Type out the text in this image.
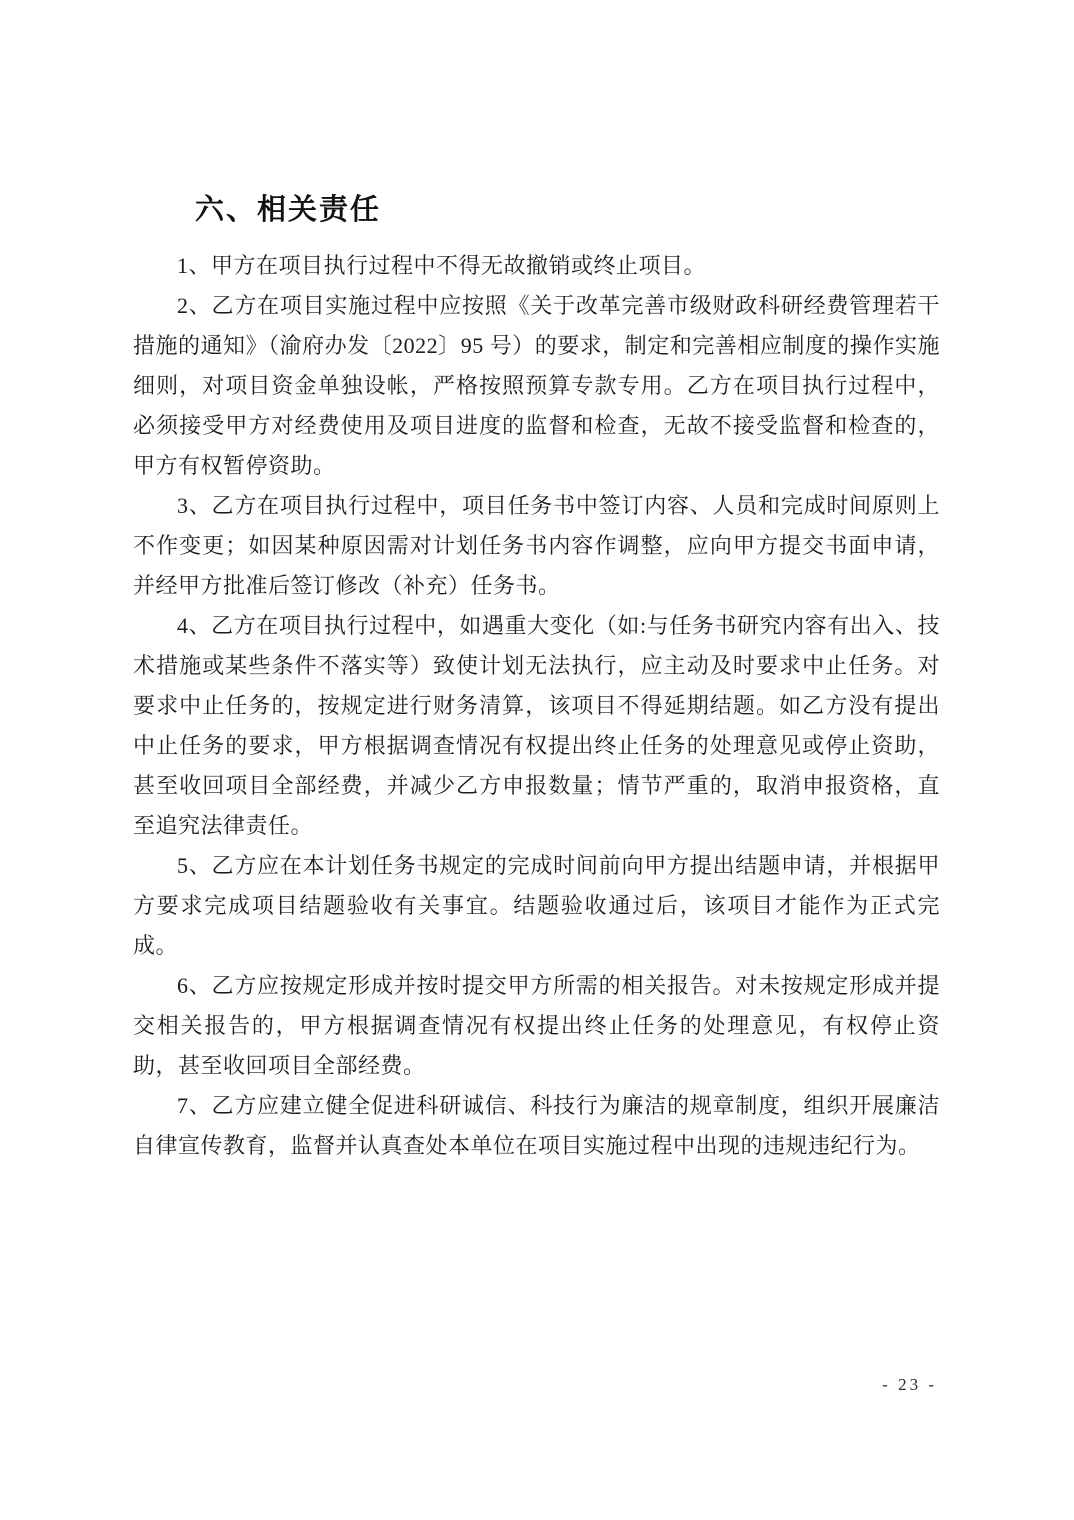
六、相关责任

1、甲方在项目执行过程中不得无故撤销或终止项目。

2、乙方在项目实施过程中应按照《关于改革完善市级财政科研经费管理若干措施的通知》（渝府办发〔2022〕95 号）的要求，制定和完善相应制度的操作实施细则，对项目资金单独设帐，严格按照预算专款专用。乙方在项目执行过程中，必须接受甲方对经费使用及项目进度的监督和检查，无故不接受监督和检查的，甲方有权暂停资助。

3、乙方在项目执行过程中，项目任务书中签订内容、人员和完成时间原则上不作变更；如因某种原因需对计划任务书内容作调整，应向甲方提交书面申请，并经甲方批准后签订修改（补充）任务书。

4、乙方在项目执行过程中，如遇重大变化（如:与任务书研究内容有出入、技术措施或某些条件不落实等）致使计划无法执行，应主动及时要求中止任务。对要求中止任务的，按规定进行财务清算，该项目不得延期结题。如乙方没有提出中止任务的要求，甲方根据调查情况有权提出终止任务的处理意见或停止资助，甚至收回项目全部经费，并减少乙方申报数量；情节严重的，取消申报资格，直至追究法律责任。

5、乙方应在本计划任务书规定的完成时间前向甲方提出结题申请，并根据甲方要求完成项目结题验收有关事宜。结题验收通过后，该项目才能作为正式完成。

6、乙方应按规定形成并按时提交甲方所需的相关报告。对未按规定形成并提交相关报告的，甲方根据调查情况有权提出终止任务的处理意见，有权停止资助，甚至收回项目全部经费。

7、乙方应建立健全促进科研诚信、科技行为廉洁的规章制度，组织开展廉洁自律宣传教育，监督并认真查处本单位在项目实施过程中出现的违规违纪行为。

- 23 -
